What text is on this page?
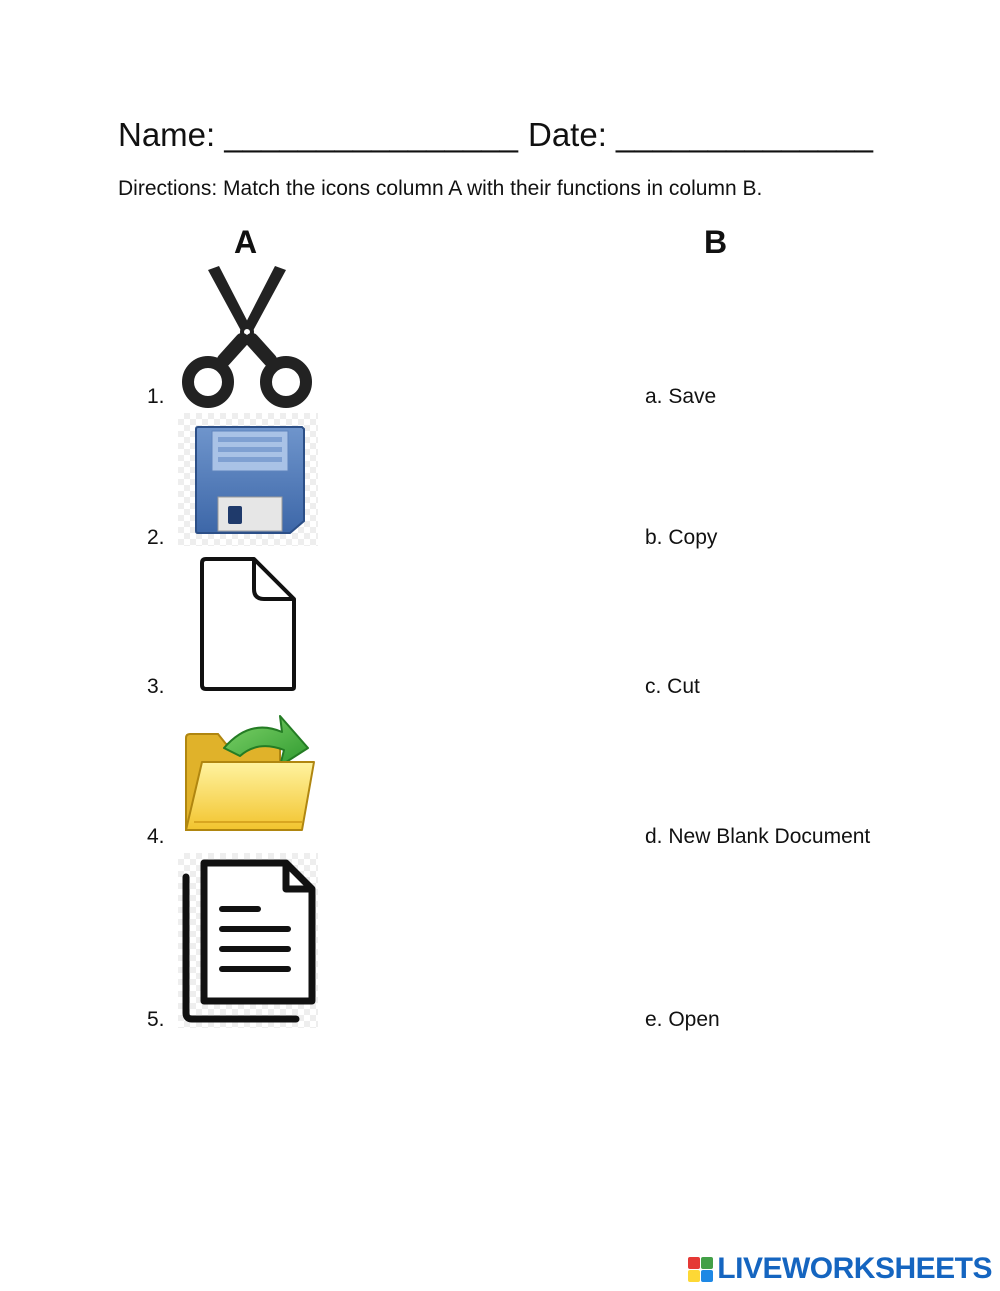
Name: ________________ Date: ______________
Directions: Match the icons column A with their functions in column B.
A	B
1.
2.
3.
4.
5.
a. Save
b. Copy
c. Cut
d. New Blank Document
e. Open
LIVEWORKSHEETS
